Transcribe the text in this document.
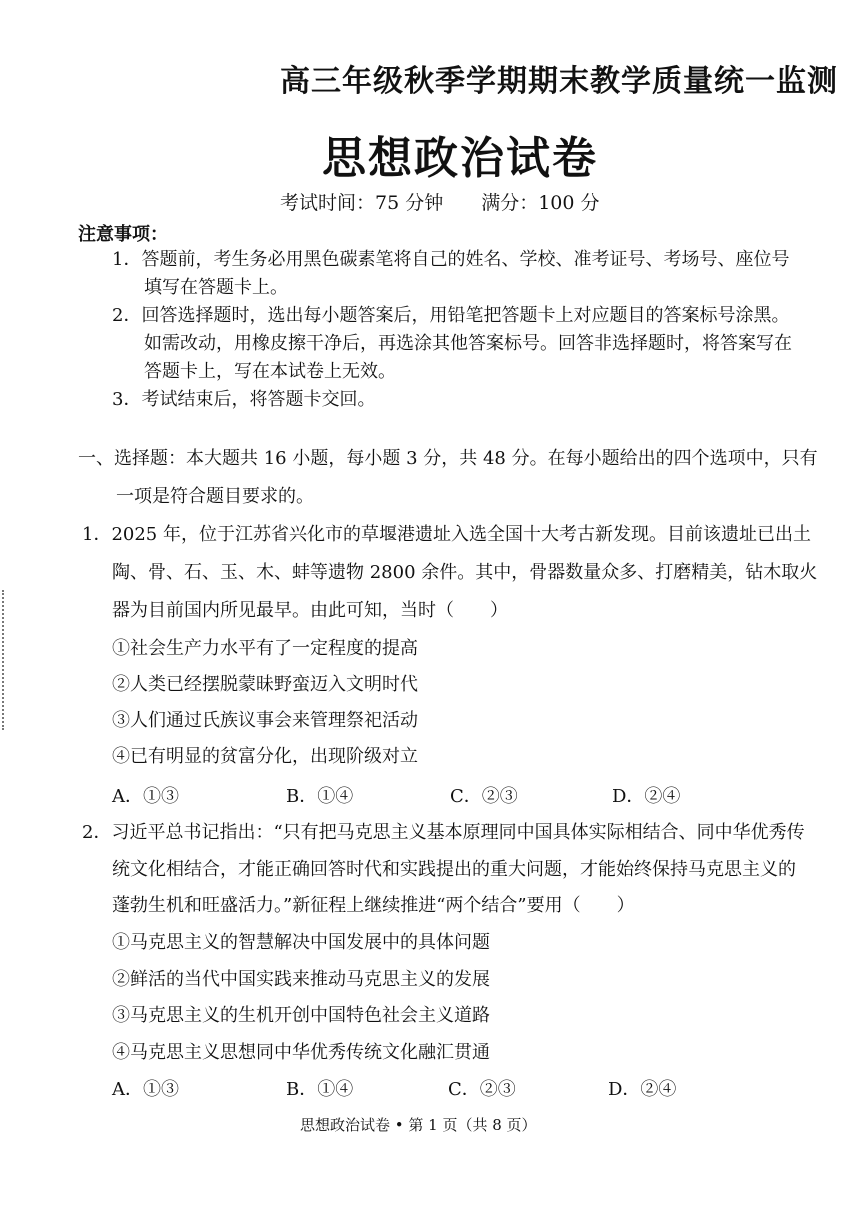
高三年级秋季学期期末教学质量统一监测
思想政治试卷
考试时间：75 分钟　　满分：100 分
注意事项：
1．答题前，考生务必用黑色碳素笔将自己的姓名、学校、准考证号、考场号、座位号
填写在答题卡上。
2．回答选择题时，选出每小题答案后，用铅笔把答题卡上对应题目的答案标号涂黑。
如需改动，用橡皮擦干净后，再选涂其他答案标号。回答非选择题时，将答案写在
答题卡上，写在本试卷上无效。
3．考试结束后，将答题卡交回。
一、选择题：本大题共 16 小题，每小题 3 分，共 48 分。在每小题给出的四个选项中，只有
一项是符合题目要求的。
1．2025 年，位于江苏省兴化市的草堰港遗址入选全国十大考古新发现。目前该遗址已出土
陶、骨、石、玉、木、蚌等遗物 2800 余件。其中，骨器数量众多、打磨精美，钻木取火
器为目前国内所见最早。由此可知，当时（　　）
①社会生产力水平有了一定程度的提高
②人类已经摆脱蒙昧野蛮迈入文明时代
③人们通过氏族议事会来管理祭祀活动
④已有明显的贫富分化，出现阶级对立
A．①③	B．①④	C．②③	D．②④
2．习近平总书记指出：“只有把马克思主义基本原理同中国具体实际相结合、同中华优秀传
统文化相结合，才能正确回答时代和实践提出的重大问题，才能始终保持马克思主义的
蓬勃生机和旺盛活力。”新征程上继续推进“两个结合”要用（　　）
①马克思主义的智慧解决中国发展中的具体问题
②鲜活的当代中国实践来推动马克思主义的发展
③马克思主义的生机开创中国特色社会主义道路
④马克思主义思想同中华优秀传统文化融汇贯通
A．①③	B．①④	C．②③	D．②④
思想政治试卷 • 第 1 页（共 8 页）
